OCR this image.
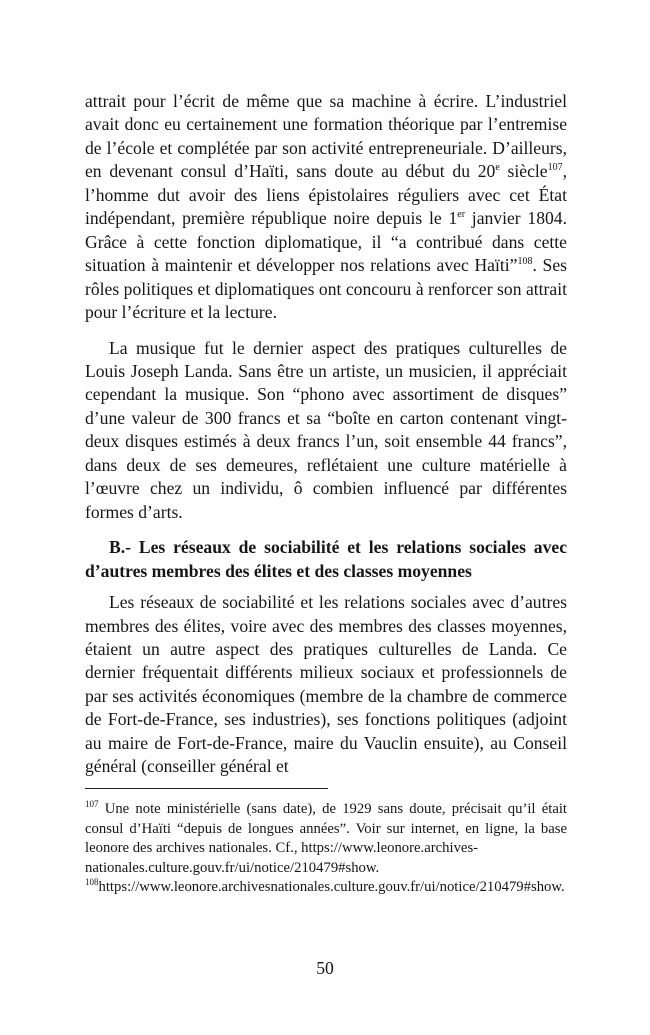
attrait pour l’écrit de même que sa machine à écrire. L’industriel avait donc eu certainement une formation théorique par l’entremise de l’école et complétée par son activité entrepreneuriale. D’ailleurs, en devenant consul d’Haïti, sans doute au début du 20e siècle$^{107}$, l’homme dut avoir des liens épistolaires réguliers avec cet État indépendant, première république noire depuis le 1er janvier 1804. Grâce à cette fonction diplomatique, il “a contribué dans cette situation à maintenir et développer nos relations avec Haïti”$^{108}$. Ses rôles politiques et diplomatiques ont concouru à renforcer son attrait pour l’écriture et la lecture.

La musique fut le dernier aspect des pratiques culturelles de Louis Joseph Landa. Sans être un artiste, un musicien, il appréciait cependant la musique. Son “phono avec assortiment de disques” d’une valeur de 300 francs et sa “boîte en carton contenant vingt-deux disques estimés à deux francs l’un, soit ensemble 44 francs”, dans deux de ses demeures, reflétaient une culture matérielle à l’œuvre chez un individu, ô combien influencé par différentes formes d’arts.

B.- Les réseaux de sociabilité et les relations sociales avec d’autres membres des élites et des classes moyennes

Les réseaux de sociabilité et les relations sociales avec d’autres membres des élites, voire avec des membres des classes moyennes, étaient un autre aspect des pratiques culturelles de Landa. Ce dernier fréquentait différents milieux sociaux et professionnels de par ses activités économiques (membre de la chambre de commerce de Fort-de-France, ses industries), ses fonctions politiques (adjoint au maire de Fort-de-France, maire du Vauclin ensuite), au Conseil général (conseiller général et

$^{107}$ Une note ministérielle (sans date), de 1929 sans doute, précisait qu’il était consul d’Haïti “depuis de longues années”. Voir sur internet, en ligne, la base leonore des archives nationales. Cf., https://www.leonore.archives-
nationales.culture.gouv.fr/ui/notice/210479#show.

$^{108}$https://www.leonore.archivesnationales.culture.gouv.fr/ui/notice/210479#show.

50
